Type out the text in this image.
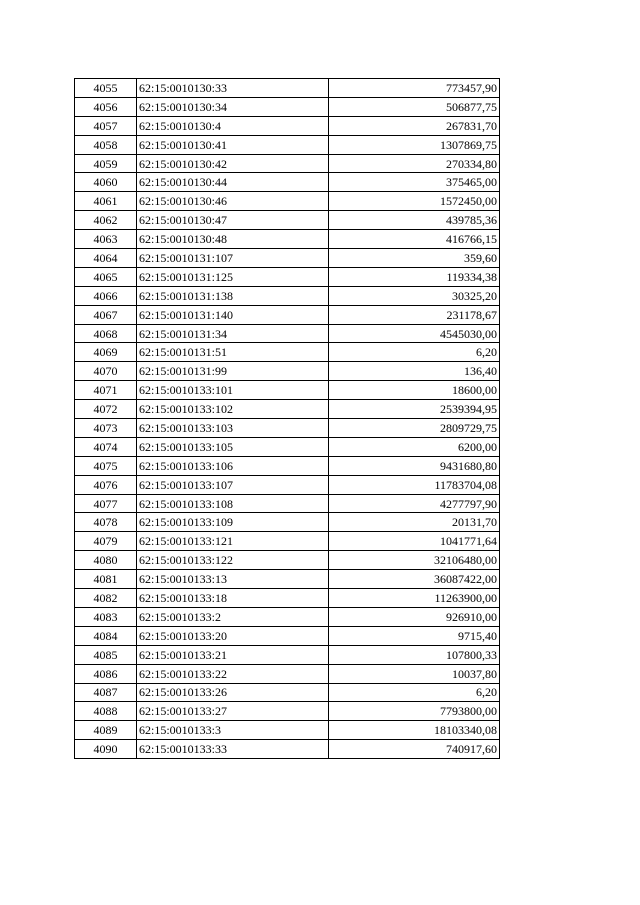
4055	62:15:0010130:33	773457,90
4056	62:15:0010130:34	506877,75
4057	62:15:0010130:4	267831,70
4058	62:15:0010130:41	1307869,75
4059	62:15:0010130:42	270334,80
4060	62:15:0010130:44	375465,00
4061	62:15:0010130:46	1572450,00
4062	62:15:0010130:47	439785,36
4063	62:15:0010130:48	416766,15
4064	62:15:0010131:107	359,60
4065	62:15:0010131:125	119334,38
4066	62:15:0010131:138	30325,20
4067	62:15:0010131:140	231178,67
4068	62:15:0010131:34	4545030,00
4069	62:15:0010131:51	6,20
4070	62:15:0010131:99	136,40
4071	62:15:0010133:101	18600,00
4072	62:15:0010133:102	2539394,95
4073	62:15:0010133:103	2809729,75
4074	62:15:0010133:105	6200,00
4075	62:15:0010133:106	9431680,80
4076	62:15:0010133:107	11783704,08
4077	62:15:0010133:108	4277797,90
4078	62:15:0010133:109	20131,70
4079	62:15:0010133:121	1041771,64
4080	62:15:0010133:122	32106480,00
4081	62:15:0010133:13	36087422,00
4082	62:15:0010133:18	11263900,00
4083	62:15:0010133:2	926910,00
4084	62:15:0010133:20	9715,40
4085	62:15:0010133:21	107800,33
4086	62:15:0010133:22	10037,80
4087	62:15:0010133:26	6,20
4088	62:15:0010133:27	7793800,00
4089	62:15:0010133:3	18103340,08
4090	62:15:0010133:33	740917,60
